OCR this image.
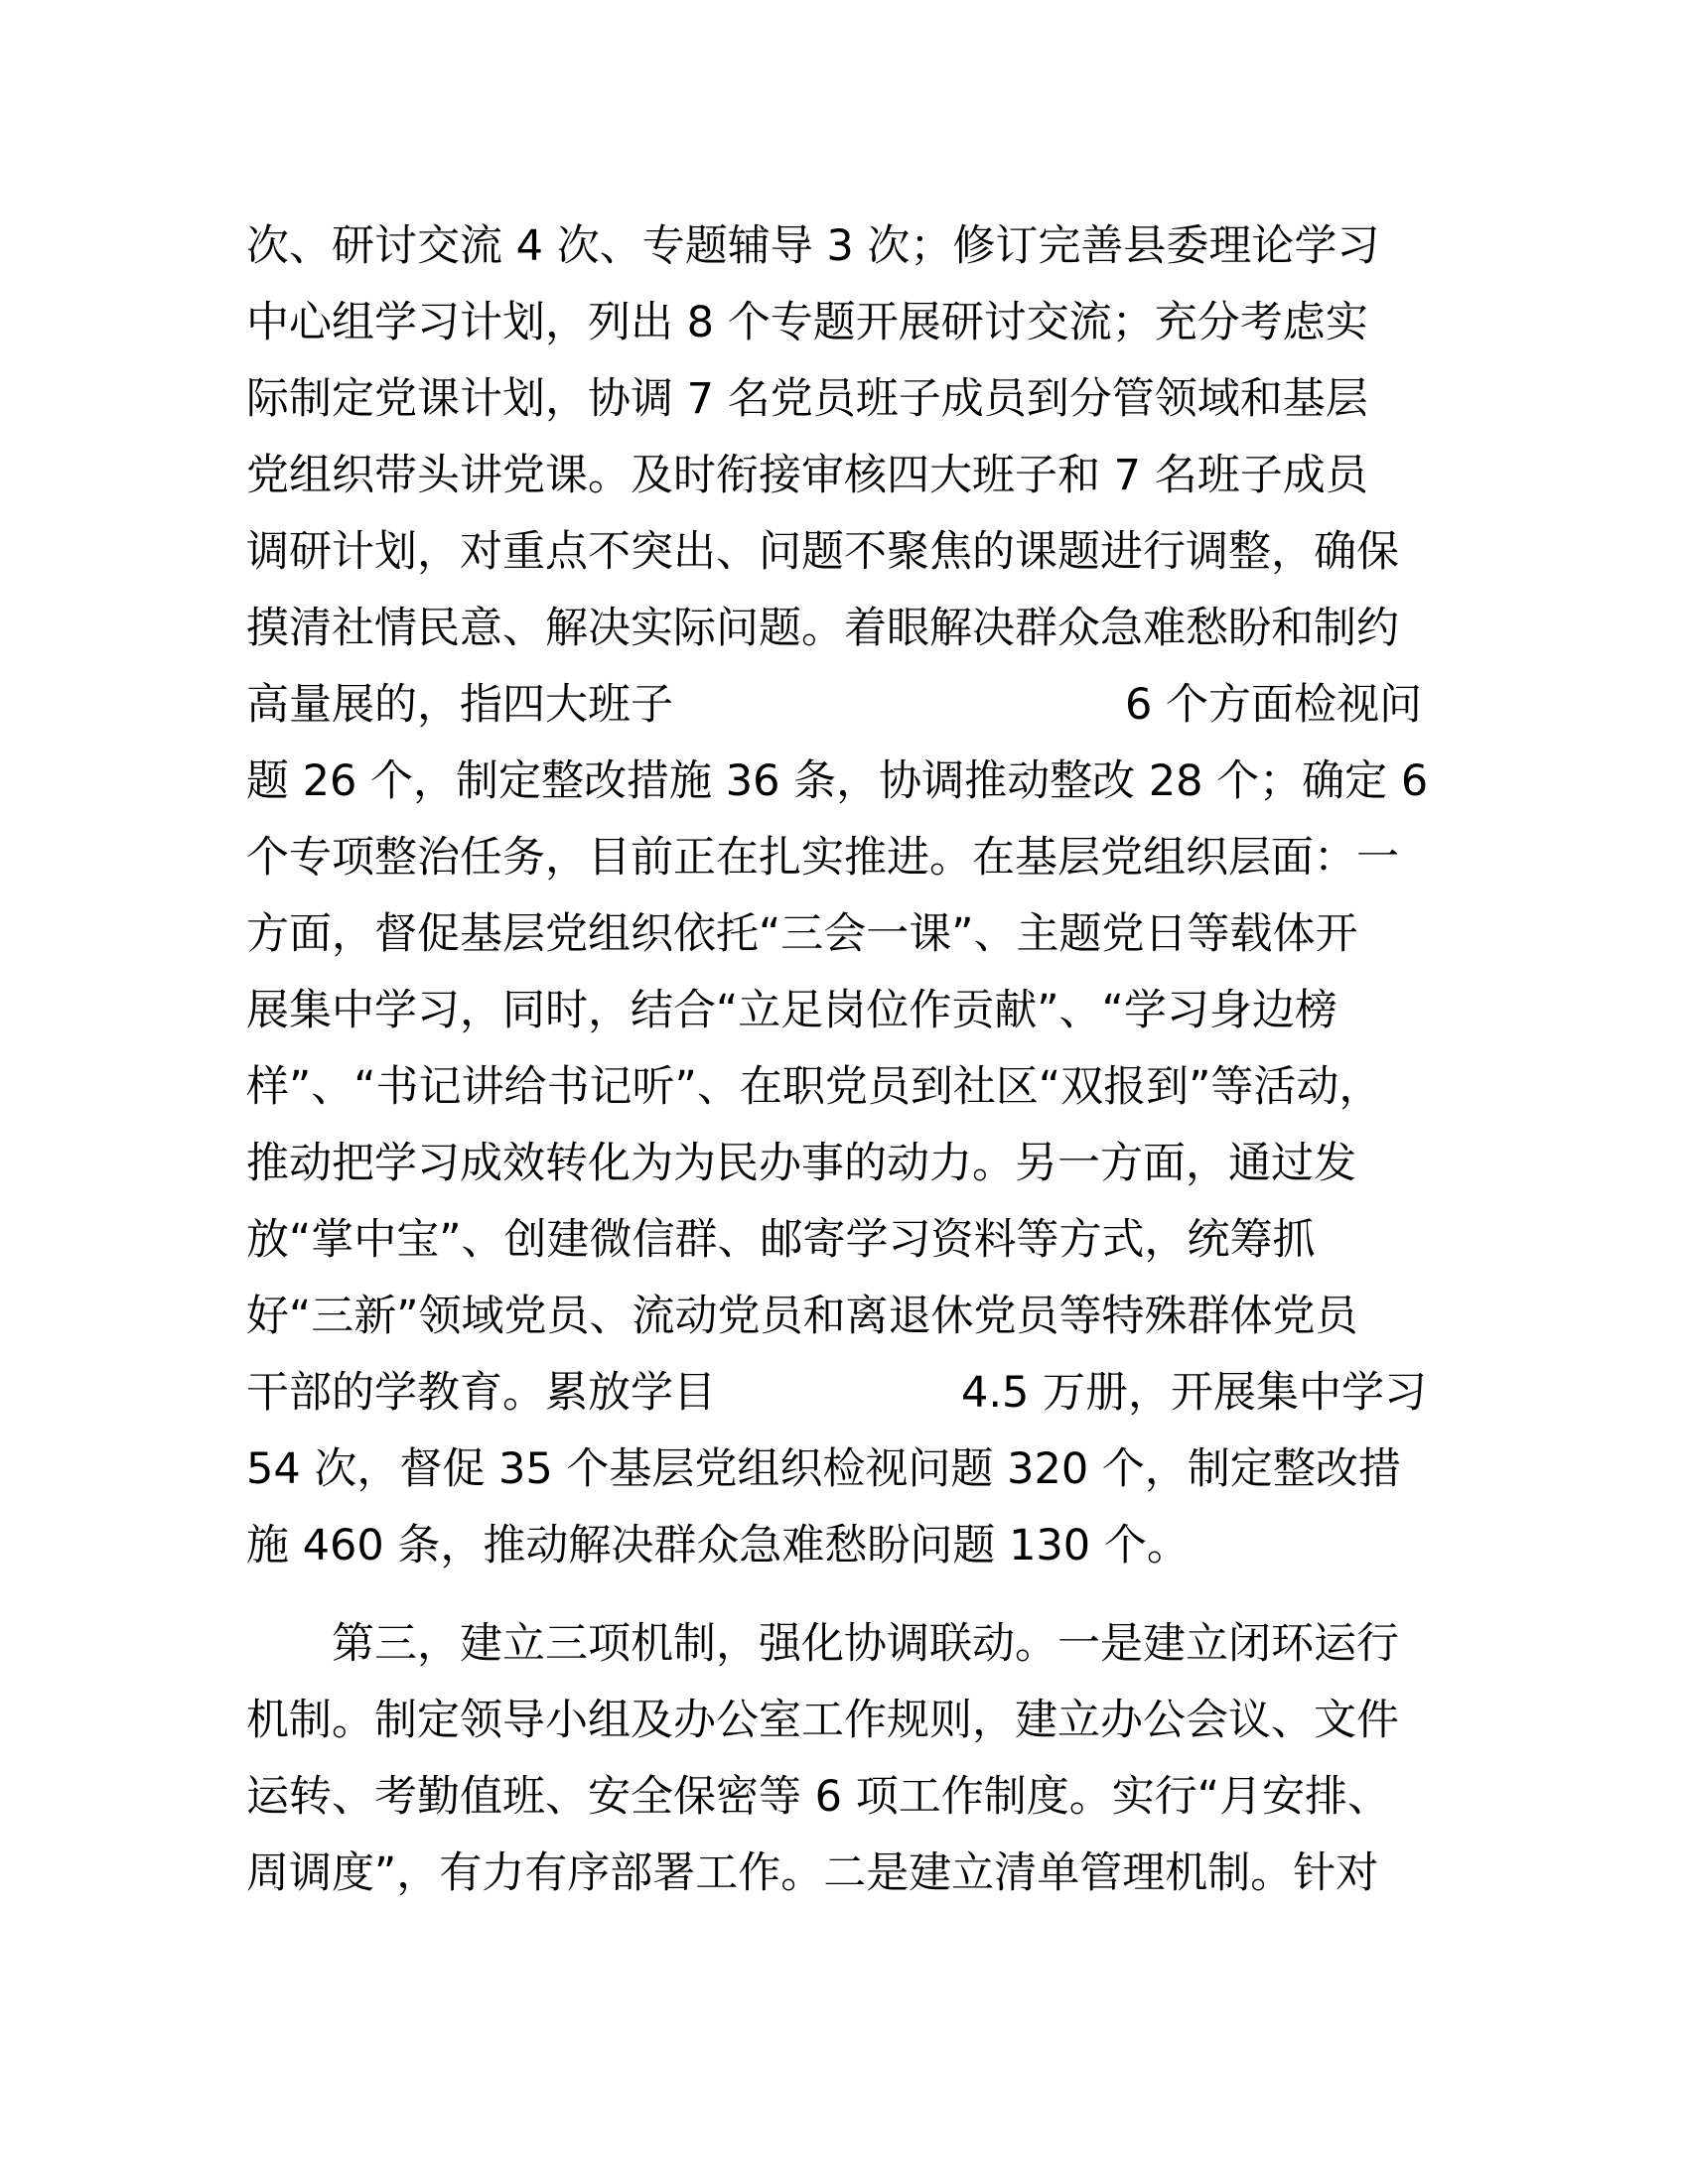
次、研讨交流 4 次、专题辅导 3 次；修订完善县委理论学习
中心组学习计划，列出 8 个专题开展研讨交流；充分考虑实
际制定党课计划，协调 7 名党员班子成员到分管领域和基层
党组织带头讲党课。及时衔接审核四大班子和 7 名班子成员
调研计划，对重点不突出、问题不聚焦的课题进行调整，确保
摸清社情民意、解决实际问题。着眼解决群众急难愁盼和制约
高量展的，指四大班子	6 个方面检视问
题 26 个，制定整改措施 36 条，协调推动整改 28 个；确定 6
个专项整治任务，目前正在扎实推进。在基层党组织层面：一
方面，督促基层党组织依托“三会一课”、主题党日等载体开
展集中学习，同时，结合“立足岗位作贡献”、“学习身边榜
样”、“书记讲给书记听”、在职党员到社区“双报到”等活动，
推动把学习成效转化为为民办事的动力。另一方面，通过发
放“掌中宝”、创建微信群、邮寄学习资料等方式，统筹抓
好“三新”领域党员、流动党员和离退休党员等特殊群体党员
干部的学教育。累放学目	4.5 万册，开展集中学习
54 次，督促 35 个基层党组织检视问题 320 个，制定整改措
施 460 条，推动解决群众急难愁盼问题 130 个。
第三，建立三项机制，强化协调联动。一是建立闭环运行
机制。制定领导小组及办公室工作规则，建立办公会议、文件
运转、考勤值班、安全保密等 6 项工作制度。实行“月安排、
周调度”，有力有序部署工作。二是建立清单管理机制。针对
